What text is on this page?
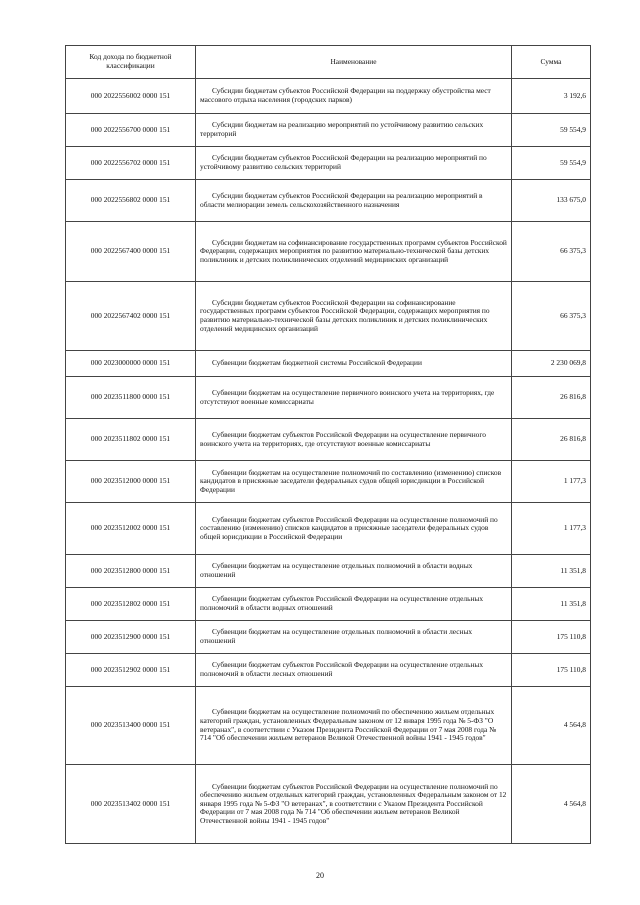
Код дохода по бюджетной классификации	Наименование	Сумма
000 2022556002 0000 151	Субсидии бюджетам субъектов Российской Федерации на поддержку обустройства мест массового отдыха населения (городских парков)	3 192,6
000 2022556700 0000 151	Субсидии бюджетам на реализацию мероприятий по устойчивому развитию сельских территорий	59 554,9
000 2022556702 0000 151	Субсидии бюджетам субъектов Российской Федерации на реализацию мероприятий по устойчивому развитию сельских территорий	59 554,9
000 2022556802 0000 151	Субсидии бюджетам субъектов Российской Федерации на реализацию мероприятий в области мелиорации земель сельскохозяйственного назначения	133 675,0
000 2022567400 0000 151	Субсидии бюджетам на софинансирование государственных программ субъектов Российской Федерации, содержащих мероприятия по развитию материально-технической базы детских поликлиник и детских поликлинических отделений медицинских организаций	66 375,3
000 2022567402 0000 151	Субсидии бюджетам субъектов Российской Федерации на софинансирование государственных программ субъектов Российской Федерации, содержащих мероприятия по развитию материально-технической базы детских поликлиник и детских поликлинических отделений медицинских организаций	66 375,3
000 2023000000 0000 151	Субвенции бюджетам бюджетной системы Российской Федерации	2 230 069,8
000 2023511800 0000 151	Субвенции бюджетам на осуществление первичного воинского учета на территориях, где отсутствуют военные комиссариаты	26 816,8
000 2023511802 0000 151	Субвенции бюджетам субъектов Российской Федерации на осуществление первичного воинского учета на территориях, где отсутствуют военные комиссариаты	26 816,8
000 2023512000 0000 151	Субвенции бюджетам на осуществление полномочий по составлению (изменению) списков кандидатов в присяжные заседатели федеральных судов общей юрисдикции в Российской Федерации	1 177,3
000 2023512002 0000 151	Субвенции бюджетам субъектов Российской Федерации на осуществление полномочий по составлению (изменению) списков кандидатов в присяжные заседатели федеральных судов общей юрисдикции в Российской Федерации	1 177,3
000 2023512800 0000 151	Субвенции бюджетам на осуществление отдельных полномочий в области водных отношений	11 351,8
000 2023512802 0000 151	Субвенции бюджетам субъектов Российской Федерации на осуществление отдельных полномочий в области водных отношений	11 351,8
000 2023512900 0000 151	Субвенции бюджетам на осуществление отдельных полномочий в области лесных отношений	175 110,8
000 2023512902 0000 151	Субвенции бюджетам субъектов Российской Федерации на осуществление отдельных полномочий в области лесных отношений	175 110,8
000 2023513400 0000 151	Субвенции бюджетам на осуществление полномочий по обеспечению жильем отдельных категорий граждан, установленных Федеральным законом от 12 января 1995 года № 5-ФЗ "О ветеранах", в соответствии с Указом Президента Российской Федерации от 7 мая 2008 года № 714 "Об обеспечении жильем ветеранов Великой Отечественной войны 1941 - 1945 годов"	4 564,8
000 2023513402 0000 151	Субвенции бюджетам субъектов Российской Федерации на осуществление полномочий по обеспечению жильем отдельных категорий граждан, установленных Федеральным законом от 12 января 1995 года № 5-ФЗ "О ветеранах", в соответствии с Указом Президента Российской Федерации от 7 мая 2008 года № 714 "Об обеспечении жильем ветеранов Великой Отечественной войны 1941 - 1945 годов"	4 564,8
20
